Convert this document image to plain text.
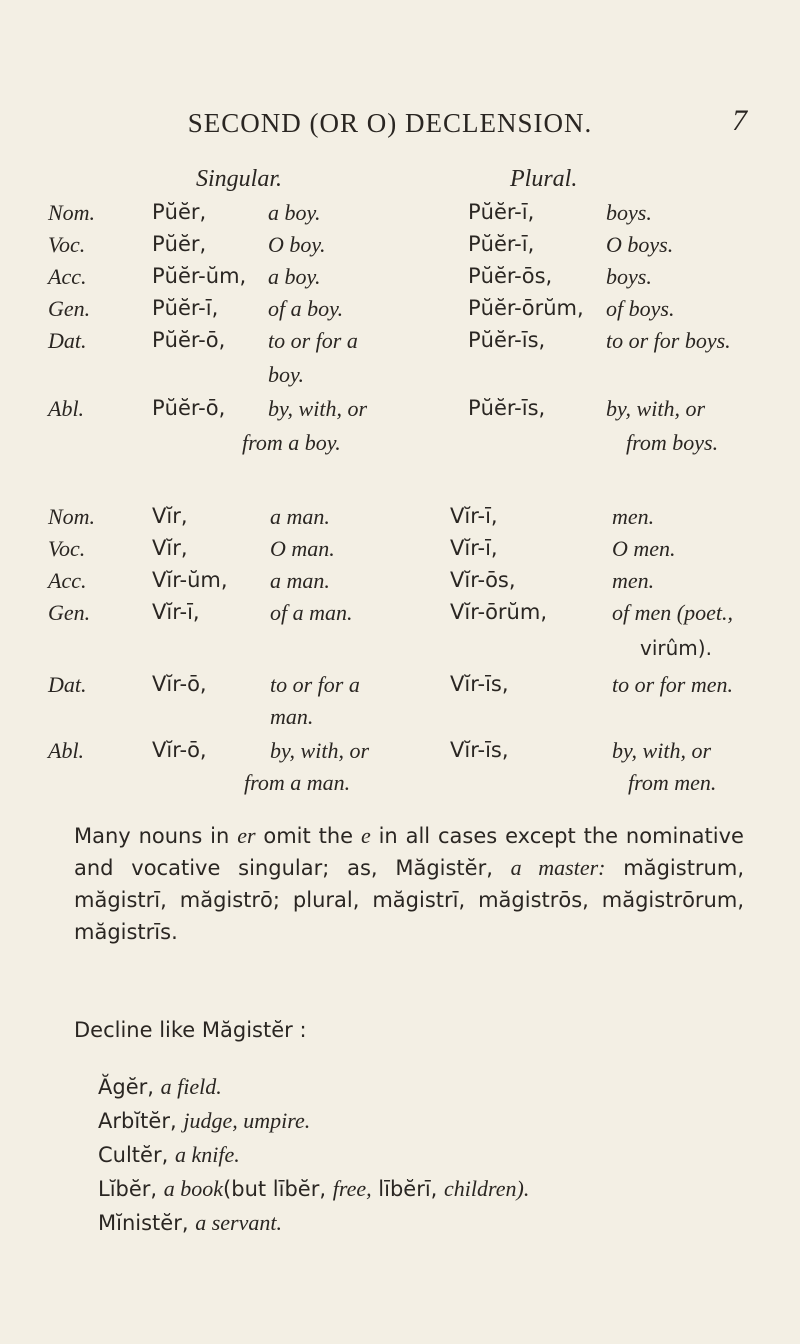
SECOND (OR O) DECLENSION.	7
Singular.	Plural.
Nom.	Pŭĕr,	a boy.	Pŭĕr-ī,	boys.
Voc.	Pŭĕr,	O boy.	Pŭĕr-ī,	O boys.
Acc.	Pŭĕr-ŭm, a boy.	Pŭĕr-ōs, boys.
Gen.	Pŭĕr-ī, of a boy.	Pŭĕr-ōrŭm, of boys.
Dat.	Pŭĕr-ō, to or for a	Pŭĕr-īs,	to or for boys.
boy.
Abl.	Pŭĕr-ō, by, with, or	Pŭĕr-īs,	by, with, or
from a boy.	from boys.
Nom.	Vĭr,	a man.	Vĭr-ī,	men.
Voc.	Vĭr,	O man.	Vĭr-ī,	O men.
Acc.	Vĭr-ŭm, a man.	Vĭr-ōs,	men.
Gen.	Vĭr-ī,	of a man.	Vĭr-ōrŭm,	of men (poet.,
virûm).
Dat.	Vĭr-ō,	to or for a	Vĭr-īs,	to or for men.
man.
Abl.	Vĭr-ō,	by, with, or	Vĭr-īs,	by, with, or
from a man.	from men.
Many nouns in er omit the e in all cases except the nominative and vocative singular; as, Măgistĕr, a master: măgistrum, măgistrī, măgistrō; plural, măgistrī, măgistrōs, măgistrōrum, măgistrīs.
Decline like Măgistĕr :
Ăgĕr, a field.
Arbĭtĕr, judge, umpire.
Cultĕr, a knife.
Lĭbĕr, a book(but lībĕr, free, lībĕrī, children).
Mĭnistĕr, a servant.
